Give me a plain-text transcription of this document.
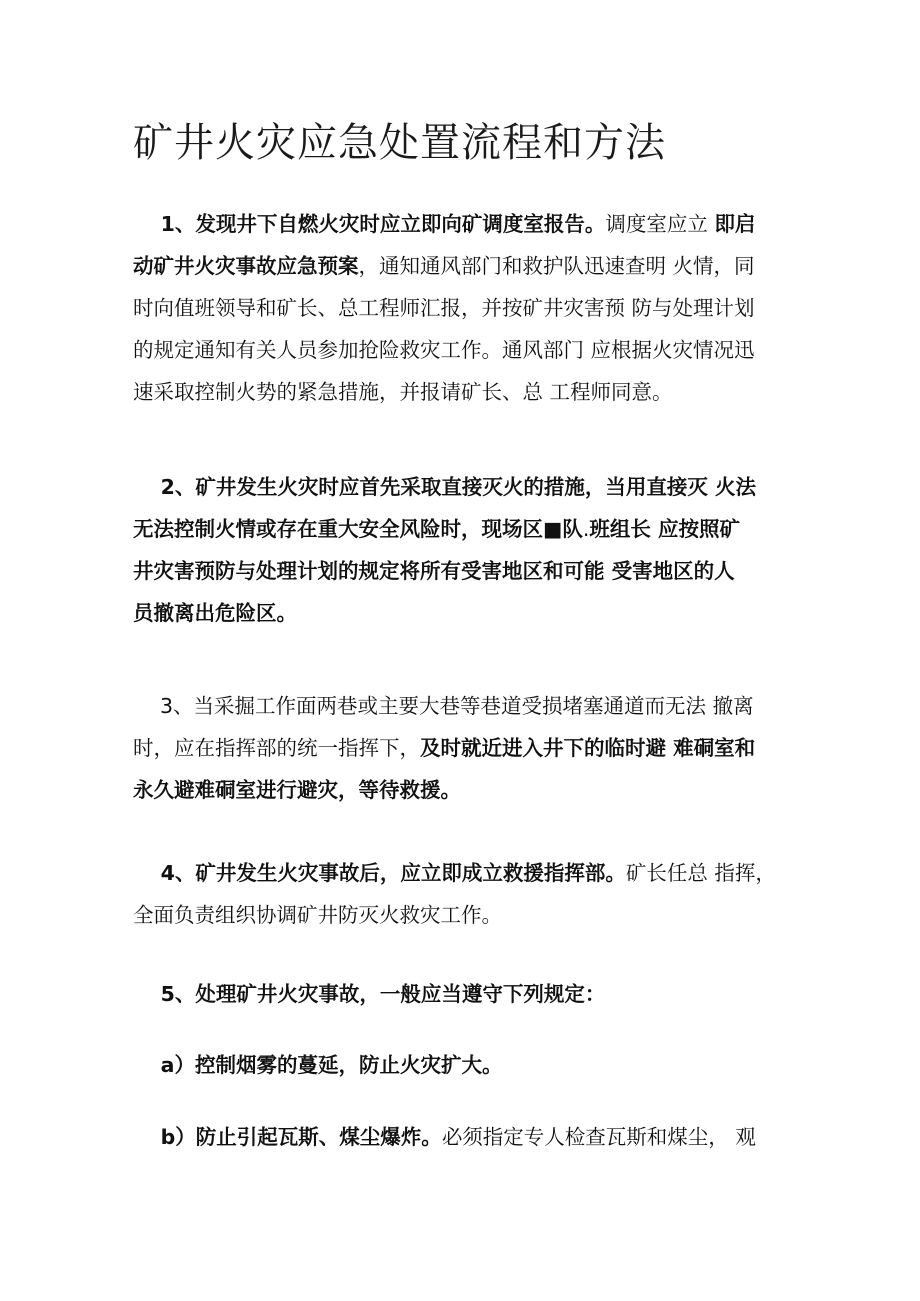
矿井火灾应急处置流程和方法
　 1、发现井下自燃火灾时应立即向矿调度室报告。调度室应立 即启
动矿井火灾事故应急预案，通知通风部门和救护队迅速查明 火情，同
时向值班领导和矿长、总工程师汇报，并按矿井灾害预 防与处理计划
的规定通知有关人员参加抢险救灾工作。通风部门 应根据火灾情况迅
速采取控制火势的紧急措施，并报请矿长、总 工程师同意。
　 2、矿井发生火灾时应首先采取直接灭火的措施，当用直接灭 火法
无法控制火情或存在重大安全风险时，现场区■队.班组长 应按照矿
井灾害预防与处理计划的规定将所有受害地区和可能 受害地区的人
员撤离出危险区。
　 3、当采掘工作面两巷或主要大巷等巷道受损堵塞通道而无法 撤离
时，应在指挥部的统一指挥下，及时就近进入井下的临时避 难硐室和
永久避难硐室进行避灾，等待救援。
　 4、矿井发生火灾事故后，应立即成立救援指挥部。矿长任总 指挥，
全面负责组织协调矿井防灭火救灾工作。
　 5、处理矿井火灾事故，一般应当遵守下列规定：
　 a）控制烟雾的蔓延，防止火灾扩大。
　 b）防止引起瓦斯、煤尘爆炸。必须指定专人检查瓦斯和煤尘， 观
